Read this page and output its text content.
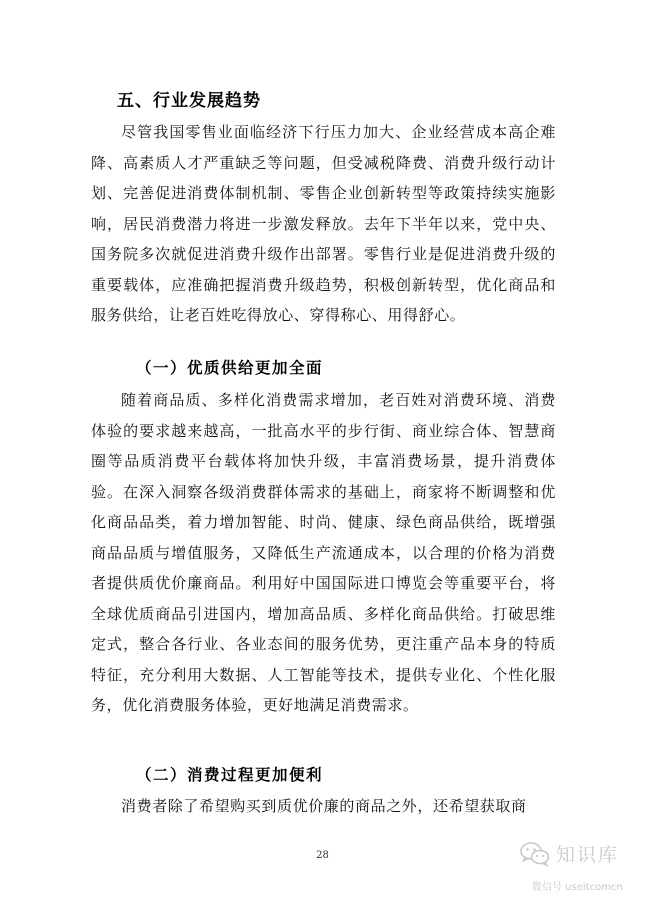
五、行业发展趋势

尽管我国零售业面临经济下行压力加大、企业经营成本高企难降、高素质人才严重缺乏等问题，但受减税降费、消费升级行动计划、完善促进消费体制机制、零售企业创新转型等政策持续实施影响，居民消费潜力将进一步激发释放。去年下半年以来，党中央、国务院多次就促进消费升级作出部署。零售行业是促进消费升级的重要载体，应准确把握消费升级趋势，积极创新转型，优化商品和服务供给，让老百姓吃得放心、穿得称心、用得舒心。

（一）优质供给更加全面

随着商品质、多样化消费需求增加，老百姓对消费环境、消费体验的要求越来越高，一批高水平的步行街、商业综合体、智慧商圈等品质消费平台载体将加快升级，丰富消费场景，提升消费体验。在深入洞察各级消费群体需求的基础上，商家将不断调整和优化商品品类，着力增加智能、时尚、健康、绿色商品供给，既增强商品品质与增值服务，又降低生产流通成本，以合理的价格为消费者提供质优价廉商品。利用好中国国际进口博览会等重要平台，将全球优质商品引进国内，增加高品质、多样化商品供给。打破思维定式，整合各行业、各业态间的服务优势，更注重产品本身的特质特征，充分利用大数据、人工智能等技术，提供专业化、个性化服务，优化消费服务体验，更好地满足消费需求。

（二）消费过程更加便利

消费者除了希望购买到质优价廉的商品之外，还希望获取商

28	知识库
微信号 useitcomcn
